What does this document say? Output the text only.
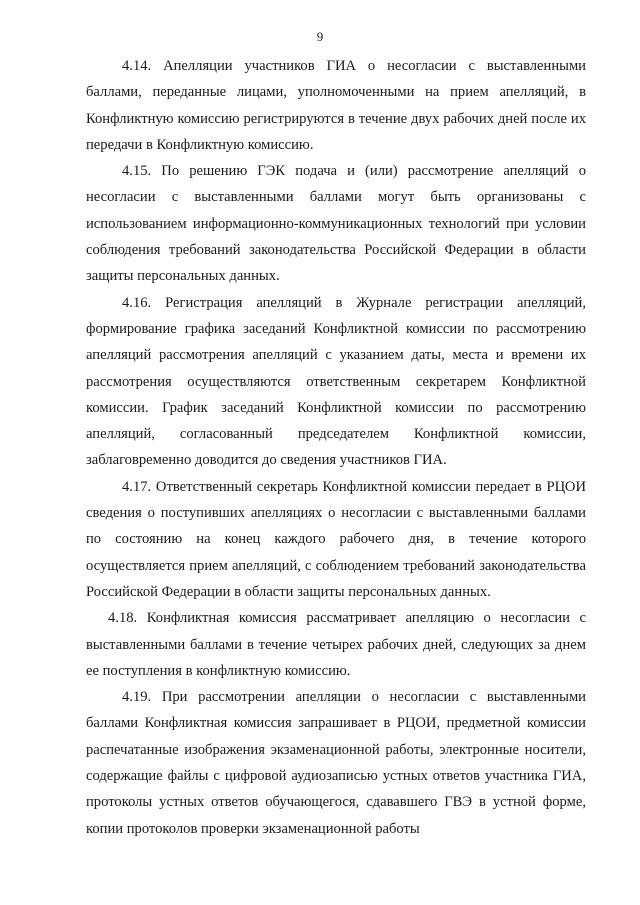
9

4.14. Апелляции участников ГИА о несогласии с выставленными баллами, переданные лицами, уполномоченными на прием апелляций, в Конфликтную комиссию регистрируются в течение двух рабочих дней после их передачи в Конфликтную комиссию.

4.15. По решению ГЭК подача и (или) рассмотрение апелляций о несогласии с выставленными баллами могут быть организованы с использованием информационно-коммуникационных технологий при условии соблюдения требований законодательства Российской Федерации в области защиты персональных данных.

4.16. Регистрация апелляций в Журнале регистрации апелляций, формирование графика заседаний Конфликтной комиссии по рассмотрению апелляций рассмотрения апелляций с указанием даты, места и времени их рассмотрения осуществляются ответственным секретарем Конфликтной комиссии. График заседаний Конфликтной комиссии по рассмотрению апелляций, согласованный председателем Конфликтной комиссии, заблаговременно доводится до сведения участников ГИА.

4.17. Ответственный секретарь Конфликтной комиссии передает в РЦОИ сведения о поступивших апелляциях о несогласии с выставленными баллами по состоянию на конец каждого рабочего дня, в течение которого осуществляется прием апелляций, с соблюдением требований законодательства Российской Федерации в области защиты персональных данных.

4.18. Конфликтная комиссия рассматривает апелляцию о несогласии с выставленными баллами в течение четырех рабочих дней, следующих за днем ее поступления в конфликтную комиссию.

4.19. При рассмотрении апелляции о несогласии с выставленными баллами Конфликтная комиссия запрашивает в РЦОИ, предметной комиссии распечатанные изображения экзаменационной работы, электронные носители, содержащие файлы с цифровой аудиозаписью устных ответов участника ГИА, протоколы устных ответов обучающегося, сдававшего ГВЭ в устной форме, копии протоколов проверки экзаменационной работы
